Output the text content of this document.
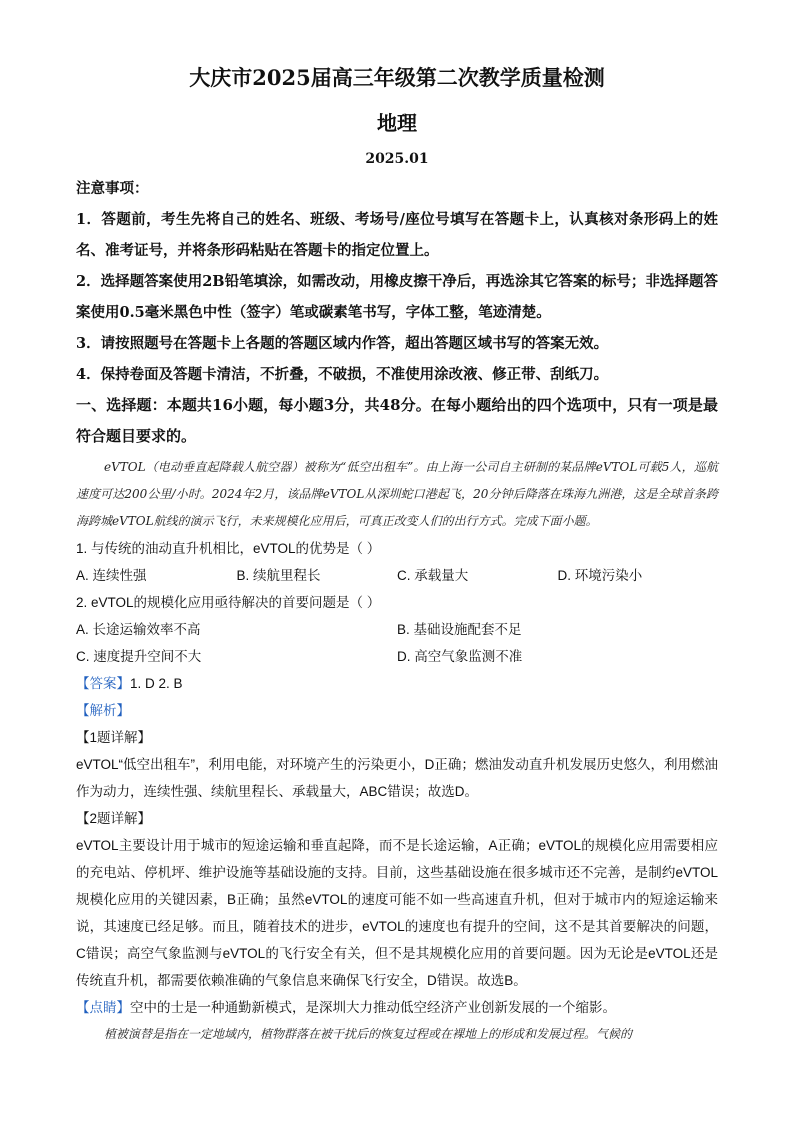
大庆市2025届高三年级第二次教学质量检测
地理
2025.01
注意事项：
1．答题前，考生先将自己的姓名、班级、考场号/座位号填写在答题卡上，认真核对条形码上的姓名、准考证号，并将条形码粘贴在答题卡的指定位置上。
2．选择题答案使用2B铅笔填涂，如需改动，用橡皮擦干净后，再选涂其它答案的标号；非选择题答案使用0.5毫米黑色中性（签字）笔或碳素笔书写，字体工整，笔迹清楚。
3．请按照题号在答题卡上各题的答题区域内作答，超出答题区域书写的答案无效。
4．保持卷面及答题卡清洁，不折叠，不破损，不准使用涂改液、修正带、刮纸刀。
一、选择题：本题共16小题，每小题3分，共48分。在每小题给出的四个选项中，只有一项是最符合题目要求的。
eVTOL（电动垂直起降载人航空器）被称为“低空出租车”。由上海一公司自主研制的某品牌eVTOL可载5人，巡航速度可达200公里/小时。2024年2月，该品牌eVTOL从深圳蛇口港起飞，20分钟后降落在珠海九洲港，这是全球首条跨海跨城eVTOL航线的演示飞行，未来规模化应用后，可真正改变人们的出行方式。完成下面小题。
1. 与传统的油动直升机相比，eVTOL的优势是（ ）
A. 连续性强	B. 续航里程长	C. 承载量大	D. 环境污染小
2. eVTOL的规模化应用亟待解决的首要问题是（ ）
A. 长途运输效率不高	B. 基础设施配套不足
C. 速度提升空间不大	D. 高空气象监测不准
【答案】1. D 2. B
【解析】
【1题详解】
eVTOL“低空出租车”，利用电能，对环境产生的污染更小，D正确；燃油发动直升机发展历史悠久，利用燃油作为动力，连续性强、续航里程长、承载量大，ABC错误；故选D。
【2题详解】
eVTOL主要设计用于城市的短途运输和垂直起降，而不是长途运输，A正确；eVTOL的规模化应用需要相应的充电站、停机坪、维护设施等基础设施的支持。目前，这些基础设施在很多城市还不完善，是制约eVTOL规模化应用的关键因素，B正确；虽然eVTOL的速度可能不如一些高速直升机，但对于城市内的短途运输来说，其速度已经足够。而且，随着技术的进步，eVTOL的速度也有提升的空间，这不是其首要解决的问题，C错误；高空气象监测与eVTOL的飞行安全有关，但不是其规模化应用的首要问题。因为无论是eVTOL还是传统直升机，都需要依赖准确的气象信息来确保飞行安全，D错误。故选B。
【点睛】空中的士是一种通勤新模式，是深圳大力推动低空经济产业创新发展的一个缩影。
植被演替是指在一定地域内，植物群落在被干扰后的恢复过程或在裸地上的形成和发展过程。气候的
